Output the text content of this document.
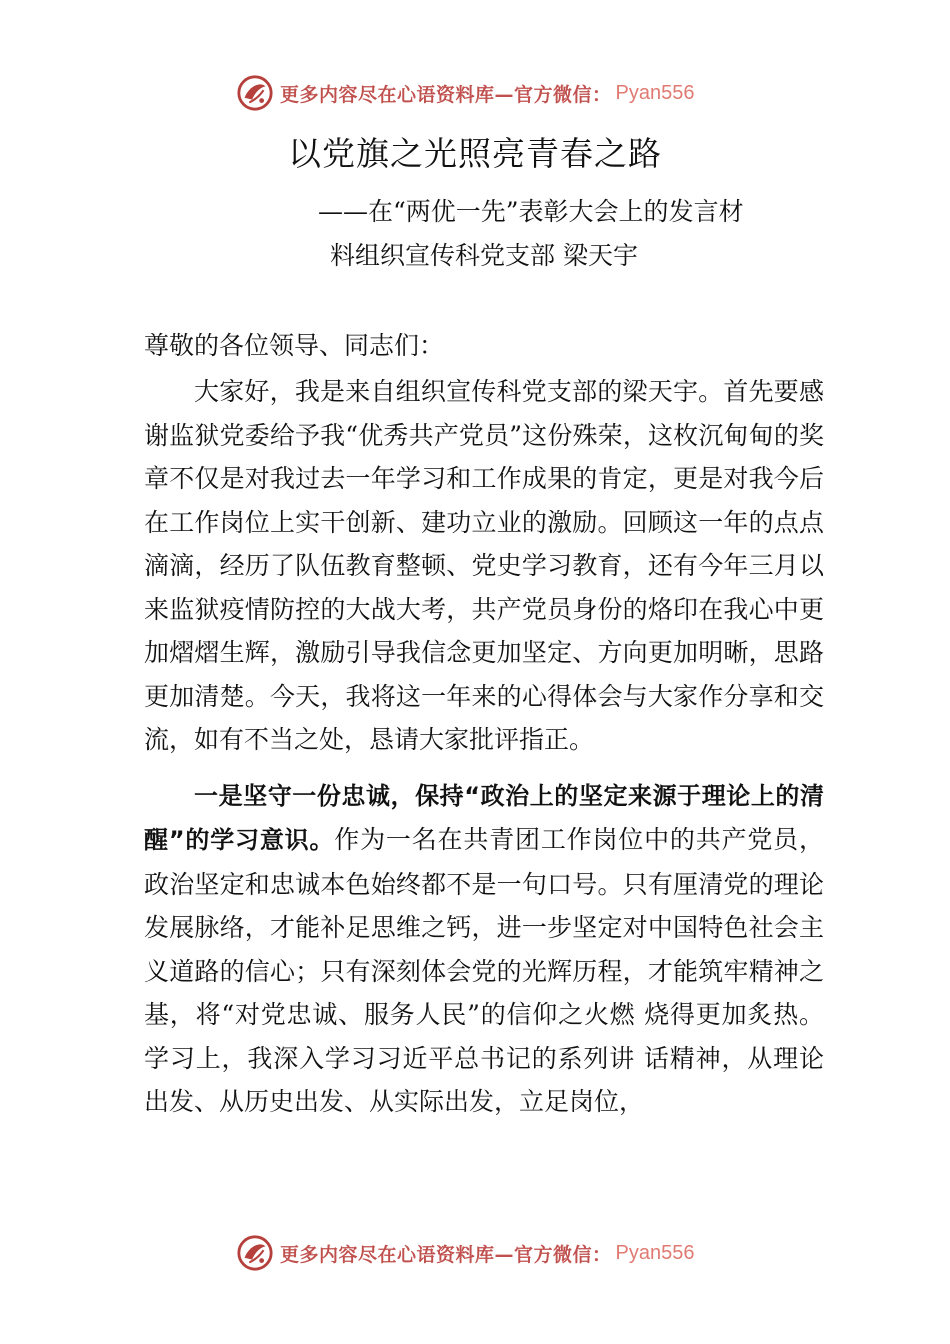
更多内容尽在心语资料库—官方微信： Pyan556
以党旗之光照亮青春之路

——在“两优一先”表彰大会上的发言材

料组织宣传科党支部 梁天宇

尊敬的各位领导、同志们：

大家好，我是来自组织宣传科党支部的梁天宇。首先要感谢监狱党委给予我“优秀共产党员”这份殊荣，这枚沉甸甸的奖章不仅是对我过去一年学习和工作成果的肯定，更是对我今后在工作岗位上实干创新、建功立业的激励。回顾这一年的点点滴滴，经历了队伍教育整顿、党史学习教育，还有今年三月以来监狱疫情防控的大战大考，共产党员身份的烙印在我心中更加熠熠生辉，激励引导我信念更加坚定、方向更加明晰，思路更加清楚。今天，我将这一年来的心得体会与大家作分享和交流，如有不当之处，恳请大家批评指正。

一是坚守一份忠诚，保持“政治上的坚定来源于理论上的清醒”的学习意识。作为一名在共青团工作岗位中的共产党员，政治坚定和忠诚本色始终都不是一句口号。只有厘清党的理论发展脉络，才能补足思维之钙，进一步坚定对中国特色社会主义道路的信心；只有深刻体会党的光辉历程，才能筑牢精神之基，将“对党忠诚、服务人民”的信仰之火燃 烧得更加炙热。学习上，我深入学习习近平总书记的系列讲 话精神，从理论出发、从历史出发、从实际出发，立足岗位，

更多内容尽在心语资料库—官方微信： Pyan556
